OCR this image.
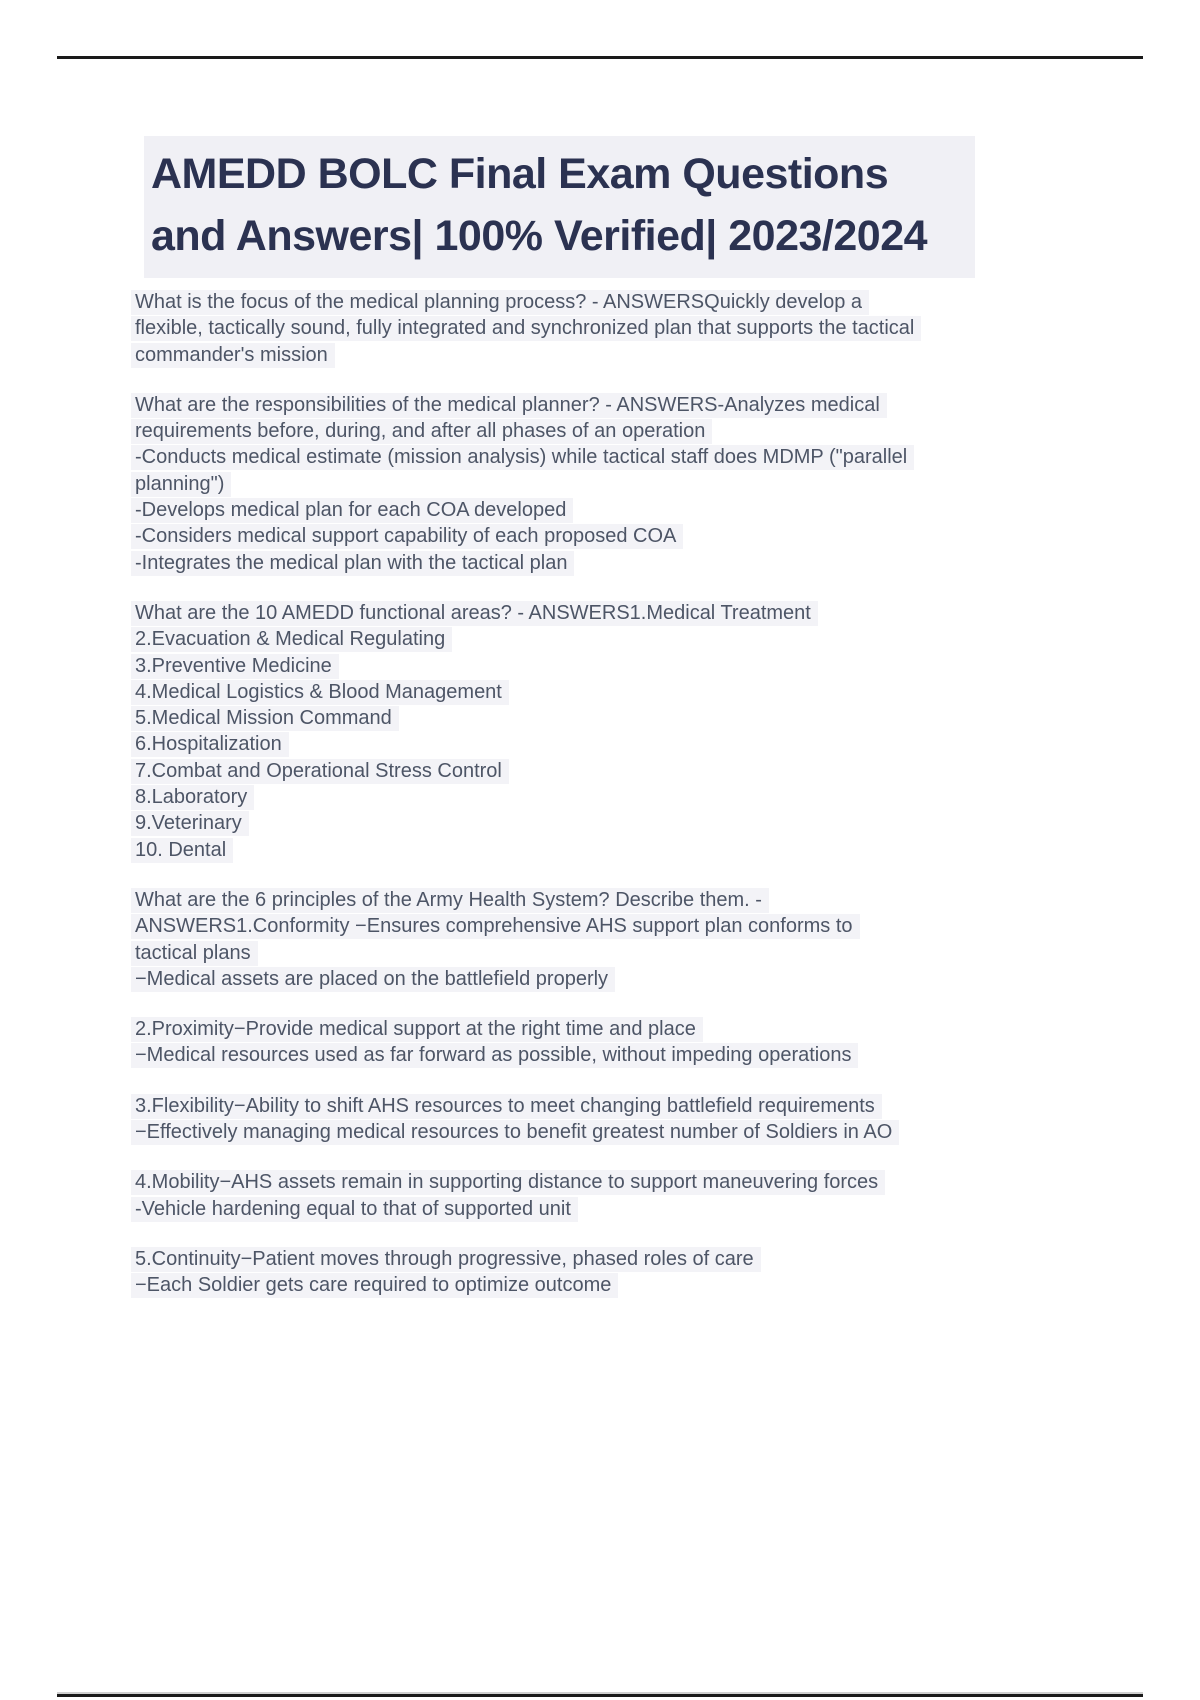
AMEDD BOLC Final Exam Questions
and Answers| 100% Verified| 2023/2024
What is the focus of the medical planning process? - ANSWERSQuickly develop a
flexible, tactically sound, fully integrated and synchronized plan that supports the tactical
commander's mission
What are the responsibilities of the medical planner? - ANSWERS-Analyzes medical
requirements before, during, and after all phases of an operation
-Conducts medical estimate (mission analysis) while tactical staff does MDMP ("parallel
planning")
-Develops medical plan for each COA developed
-Considers medical support capability of each proposed COA
-Integrates the medical plan with the tactical plan
What are the 10 AMEDD functional areas? - ANSWERS1.Medical Treatment
2.Evacuation & Medical Regulating
3.Preventive Medicine
4.Medical Logistics & Blood Management
5.Medical Mission Command
6.Hospitalization
7.Combat and Operational Stress Control
8.Laboratory
9.Veterinary
10. Dental
What are the 6 principles of the Army Health System? Describe them. -
ANSWERS1.Conformity −Ensures comprehensive AHS support plan conforms to
tactical plans
−Medical assets are placed on the battlefield properly
2.Proximity−Provide medical support at the right time and place
−Medical resources used as far forward as possible, without impeding operations
3.Flexibility−Ability to shift AHS resources to meet changing battlefield requirements
−Effectively managing medical resources to benefit greatest number of Soldiers in AO
4.Mobility−AHS assets remain in supporting distance to support maneuvering forces
-Vehicle hardening equal to that of supported unit
5.Continuity−Patient moves through progressive, phased roles of care
−Each Soldier gets care required to optimize outcome
